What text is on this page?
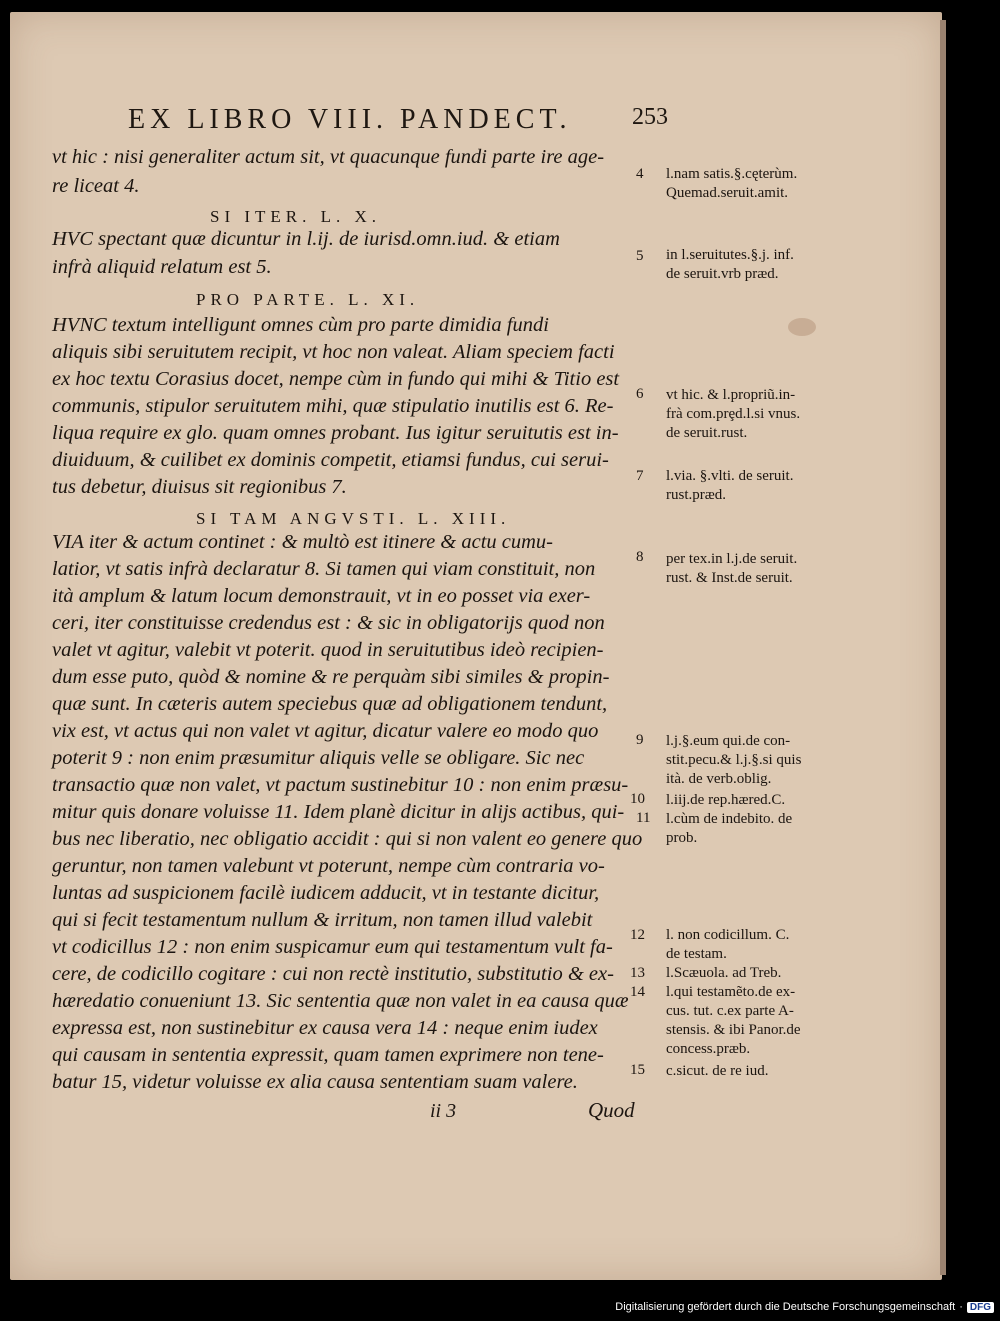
EX LIBRO VIII. PANDECT.	253
vt hic : nisi generaliter actum sit, vt quacunque fundi parte ire age-
re liceat 4.
SI ITER. L. X.
HVC spectant quæ dicuntur in l.ij. de iurisd.omn.iud. & etiam
infrà aliquid relatum est 5.
PRO PARTE. L. XI.
HVNC textum intelligunt omnes cùm pro parte dimidia fundi
aliquis sibi seruitutem recipit, vt hoc non valeat. Aliam speciem facti
ex hoc textu Corasius docet, nempe cùm in fundo qui mihi & Titio est
communis, stipulor seruitutem mihi, quæ stipulatio inutilis est 6. Re-
liqua require ex glo. quam omnes probant. Ius igitur seruitutis est in-
diuiduum, & cuilibet ex dominis competit, etiamsi fundus, cui serui-
tus debetur, diuisus sit regionibus 7.
SI TAM ANGVSTI. L. XIII.
VIA iter & actum continet : & multò est itinere & actu cumu-
latior, vt satis infrà declaratur 8. Si tamen qui viam constituit, non
ità amplum & latum locum demonstrauit, vt in eo posset via exer-
ceri, iter constituisse credendus est : & sic in obligatorijs quod non
valet vt agitur, valebit vt poterit. quod in seruitutibus ideò recipien-
dum esse puto, quòd & nomine & re perquàm sibi similes & propin-
quæ sunt. In cæteris autem speciebus quæ ad obligationem tendunt,
vix est, vt actus qui non valet vt agitur, dicatur valere eo modo quo
poterit 9 : non enim præsumitur aliquis velle se obligare. Sic nec
transactio quæ non valet, vt pactum sustinebitur 10 : non enim præsu-
mitur quis donare voluisse 11. Idem planè dicitur in alijs actibus, qui-
bus nec liberatio, nec obligatio accidit : qui si non valent eo genere quo
geruntur, non tamen valebunt vt poterunt, nempe cùm contraria vo-
luntas ad suspicionem facilè iudicem adducit, vt in testante dicitur,
qui si fecit testamentum nullum & irritum, non tamen illud valebit
vt codicillus 12 : non enim suspicamur eum qui testamentum vult fa-
cere, de codicillo cogitare : cui non rectè institutio, substitutio & ex-
hæredatio conueniunt 13. Sic sententia quæ non valet in ea causa quæ
expressa est, non sustinebitur ex causa vera 14 : neque enim iudex
qui causam in sententia expressit, quam tamen exprimere non tene-
batur 15, videtur voluisse ex alia causa sententiam suam valere.
4
5
6
7
8
9
10
11
12
13
14
15
l.nam satis.§.cęterùm.
Quemad.seruit.amit.
in l.seruitutes.§.j. inf.
de seruit.vrb præd.
vt hic. & l.propriũ.in-
frà com.prȩd.l.si vnus.
de seruit.rust.
l.via. §.vlti. de seruit.
rust.præd.
per tex.in l.j.de seruit.
rust. & Inst.de seruit.
l.j.§.eum qui.de con-
stit.pecu.& l.j.§.si quis
ità. de verb.oblig.
l.iij.de rep.hæred.C.
l.cùm de indebito. de
prob.
l. non codicillum. C.
de testam.
l.Scæuola. ad Treb.
l.qui testamẽto.de ex-
cus. tut. c.ex parte A-
stensis. & ibi Panor.de
concess.præb.
c.sicut. de re iud.
ii 3	Quod
Digitalisierung gefördert durch die Deutsche Forschungsgemeinschaft · DFG
